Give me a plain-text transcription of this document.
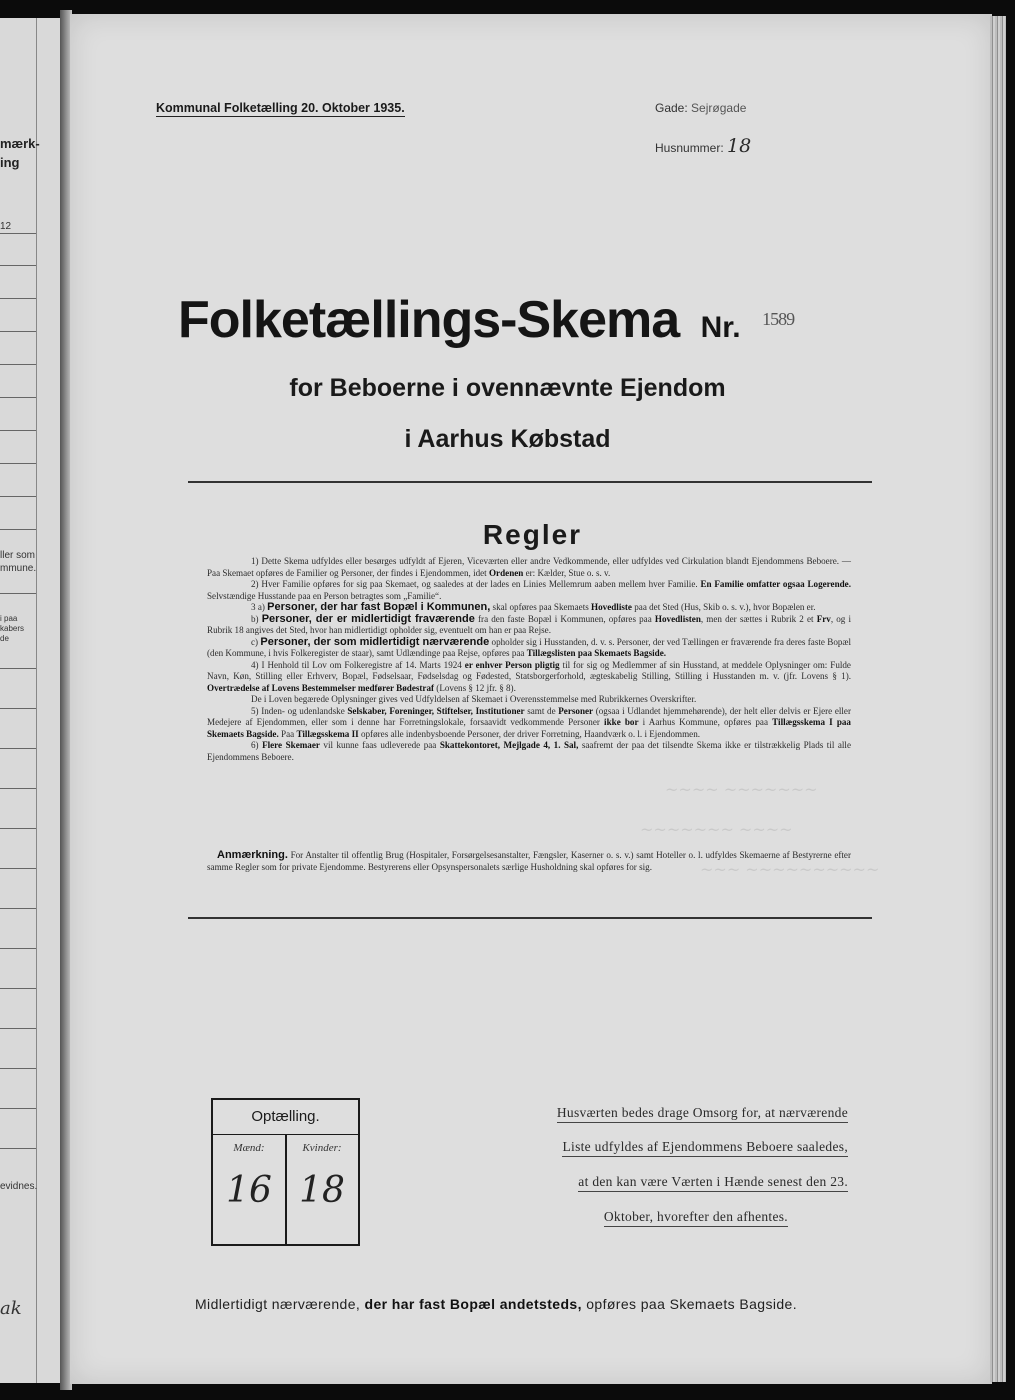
mærk-
ing
12
ller som
mmune.
i paa
kabers
de
evidnes.
ak
~~~~ ~~~~~~~
~~~~~~~ ~~~~
~~~ ~~~~~~~~~~
Kommunal Folketælling 20. Oktober 1935.	Gade: Sejrøgade
Husnummer: 18
Folketællings-Skema Nr. $^{1589}$
for Beboerne i ovennævnte Ejendom
i Aarhus Købstad
Regler

1) Dette Skema udfyldes eller besørges udfyldt af Ejeren, Viceværten eller andre Vedkommende, eller udfyldes ved Cirkulation blandt Ejendommens Beboere. — Paa Skemaet opføres de Familier og Personer, der findes i Ejendommen, idet Ordenen er: Kælder, Stue o. s. v.

2) Hver Familie opføres for sig paa Skemaet, og saaledes at der lades en Linies Mellemrum aaben mellem hver Familie. En Familie omfatter ogsaa Logerende. Selvstændige Husstande paa en Person betragtes som „Familie“.

3 a) Personer, der har fast Bopæl i Kommunen, skal opføres paa Skemaets Hovedliste paa det Sted (Hus, Skib o. s. v.), hvor Bopælen er.

b) Personer, der er midlertidigt fraværende fra den faste Bopæl i Kommunen, opføres paa Hovedlisten, men der sættes i Rubrik 2 et Frv, og i Rubrik 18 angives det Sted, hvor han midlertidigt opholder sig, eventuelt om han er paa Rejse.

c) Personer, der som midlertidigt nærværende opholder sig i Husstanden, d. v. s. Personer, der ved Tællingen er fraværende fra deres faste Bopæl (den Kommune, i hvis Folkeregister de staar), samt Udlændinge paa Rejse, opføres paa Tillægslisten paa Skemaets Bagside.

4) I Henhold til Lov om Folkeregistre af 14. Marts 1924 er enhver Person pligtig til for sig og Medlemmer af sin Husstand, at meddele Oplysninger om: Fulde Navn, Køn, Stilling eller Erhverv, Bopæl, Fødselsaar, Fødselsdag og Fødested, Statsborgerforhold, ægteskabelig Stilling, Stilling i Husstanden m. v. (jfr. Lovens § 1). Overtrædelse af Lovens Bestemmelser medfører Bødestraf (Lovens § 12 jfr. § 8).

De i Loven begærede Oplysninger gives ved Udfyldelsen af Skemaet i Overensstemmelse med Rubrikkernes Overskrifter.

5) Inden- og udenlandske Selskaber, Foreninger, Stiftelser, Institutioner samt de Personer (ogsaa i Udlandet hjemmehørende), der helt eller delvis er Ejere eller Medejere af Ejendommen, eller som i denne har Forretningslokale, forsaavidt vedkommende Personer ikke bor i Aarhus Kommune, opføres paa Tillægsskema I paa Skemaets Bagside. Paa Tillægsskema II opføres alle indenbysboende Personer, der driver Forretning, Haandværk o. l. i Ejendommen.

6) Flere Skemaer vil kunne faas udleverede paa Skattekontoret, Mejlgade 4, 1. Sal, saafremt der paa det tilsendte Skema ikke er tilstrækkelig Plads til alle Ejendommens Beboere.

Anmærkning. For Anstalter til offentlig Brug (Hospitaler, Forsørgelsesanstalter, Fængsler, Kaserner o. s. v.) samt Hoteller o. l. udfyldes Skemaerne af Bestyrerne efter samme Regler som for private Ejendomme. Bestyrerens eller Opsynspersonalets særlige Husholdning skal opføres for sig.

Optælling.
Mænd:	Kvinder:
16 18
Husværten bedes drage Omsorg for, at nærværende
Liste udfyldes af Ejendommens Beboere saaledes,
at den kan være Værten i Hænde senest den 23.
Oktober, hvorefter den afhentes.
Midlertidigt nærværende, der har fast Bopæl andetsteds, opføres paa Skemaets Bagside.
